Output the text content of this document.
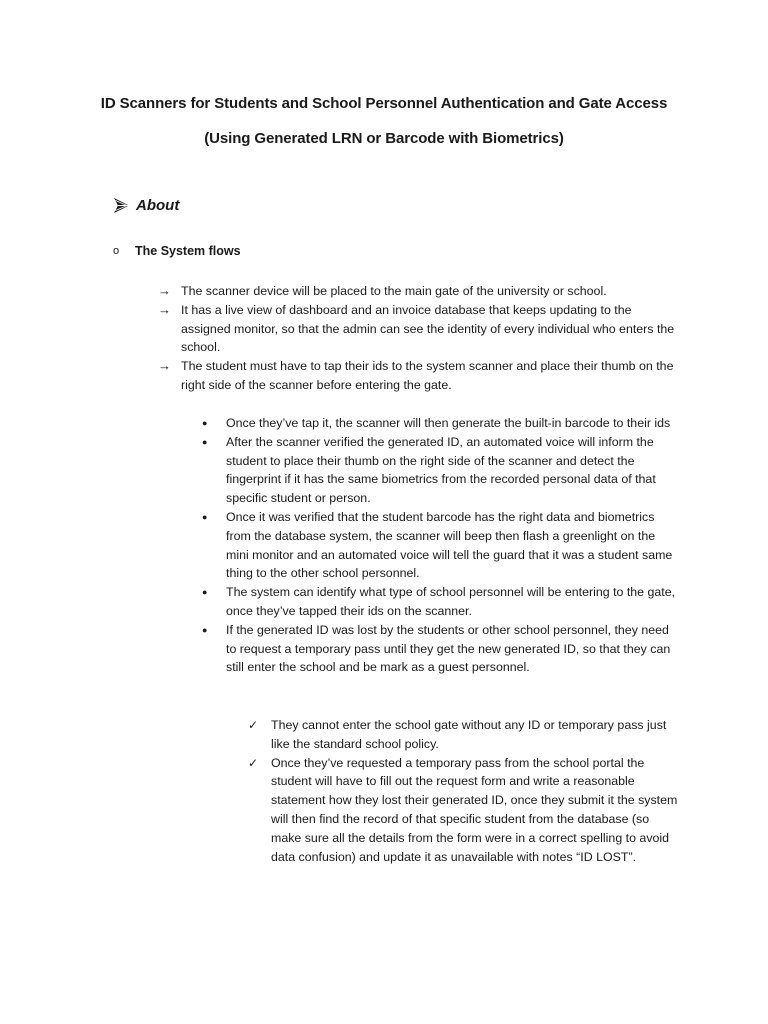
ID Scanners for Students and School Personnel Authentication and Gate Access
(Using Generated LRN or Barcode with Biometrics)
About
o	The System flows
→ The scanner device will be placed to the main gate of the university or school.
→ It has a live view of dashboard and an invoice database that keeps updating to the assigned monitor, so that the admin can see the identity of every individual who enters the school.
→ The student must have to tap their ids to the system scanner and place their thumb on the right side of the scanner before entering the gate.
●	Once they’ve tap it, the scanner will then generate the built-in barcode to their ids
●	After the scanner verified the generated ID, an automated voice will inform the student to place their thumb on the right side of the scanner and detect the fingerprint if it has the same biometrics from the recorded personal data of that specific student or person.
●	Once it was verified that the student barcode has the right data and biometrics from the database system, the scanner will beep then flash a greenlight on the mini monitor and an automated voice will tell the guard that it was a student same thing to the other school personnel.
●	The system can identify what type of school personnel will be entering to the gate, once they’ve tapped their ids on the scanner.
●	If the generated ID was lost by the students or other school personnel, they need to request a temporary pass until they get the new generated ID, so that they can still enter the school and be mark as a guest personnel.
✓	They cannot enter the school gate without any ID or temporary pass just like the standard school policy.
✓	Once they’ve requested a temporary pass from the school portal the student will have to fill out the request form and write a reasonable statement how they lost their generated ID, once they submit it the system will then find the record of that specific student from the database (so make sure all the details from the form were in a correct spelling to avoid data confusion) and update it as unavailable with notes “ID LOST”.
